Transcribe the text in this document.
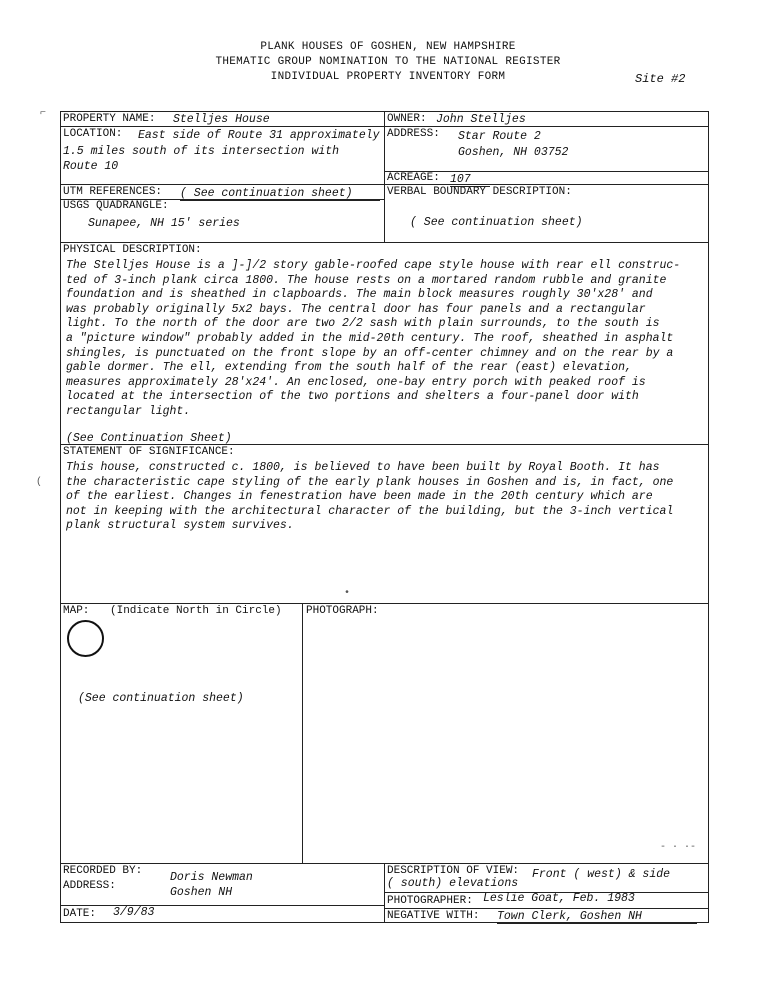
PLANK HOUSES OF GOSHEN, NEW HAMPSHIRE
THEMATIC GROUP NOMINATION TO THE NATIONAL REGISTER
INDIVIDUAL PROPERTY INVENTORY FORM	Site #2
PROPERTY NAME: Stelljes House	OWNER: John Stelljes
LOCATION: East side of Route 31 approximately
1.5 miles south of its intersection with
Route 10
ADDRESS: Star Route 2
Goshen, NH 03752
ACREAGE: 107
UTM REFERENCES: ( See continuation sheet)	VERBAL BOUNDARY DESCRIPTION:
( See continuation sheet)
USGS QUADRANGLE:
Sunapee, NH 15' series
PHYSICAL DESCRIPTION:
The Stelljes House is a ]-]/2 story gable-roofed cape style house with rear ell construc-
ted of 3-inch plank circa 1800. The house rests on a mortared random rubble and granite
foundation and is sheathed in clapboards. The main block measures roughly 30'x28' and
was probably originally 5x2 bays. The central door has four panels and a rectangular
light. To the north of the door are two 2/2 sash with plain surrounds, to the south is
a "picture window" probably added in the mid-20th century. The roof, sheathed in asphalt
shingles, is punctuated on the front slope by an off-center chimney and on the rear by a
gable dormer. The ell, extending from the south half of the rear (east) elevation,
measures approximately 28'x24'. An enclosed, one-bay entry porch with peaked roof is
located at the intersection of the two portions and shelters a four-panel door with
rectangular light.
(See Continuation Sheet)
STATEMENT OF SIGNIFICANCE:
This house, constructed c. 1800, is believed to have been built by Royal Booth. It has
the characteristic cape styling of the early plank houses in Goshen and is, in fact, one
of the earliest. Changes in fenestration have been made in the 20th century which are
not in keeping with the architectural character of the building, but the 3-inch vertical
plank structural system survives.
MAP: (Indicate North in Circle)
(See continuation sheet)
PHOTOGRAPH:
RECORDED BY: Doris Newman
ADDRESS:	Goshen NH
DATE: 3/9/83
DESCRIPTION OF VIEW: Front ( west) & side
( south) elevations
PHOTOGRAPHER: Leslie Goat, Feb. 1983
NEGATIVE WITH: Town Clerk, Goshen NH
⌐
(
•
- · ·-
